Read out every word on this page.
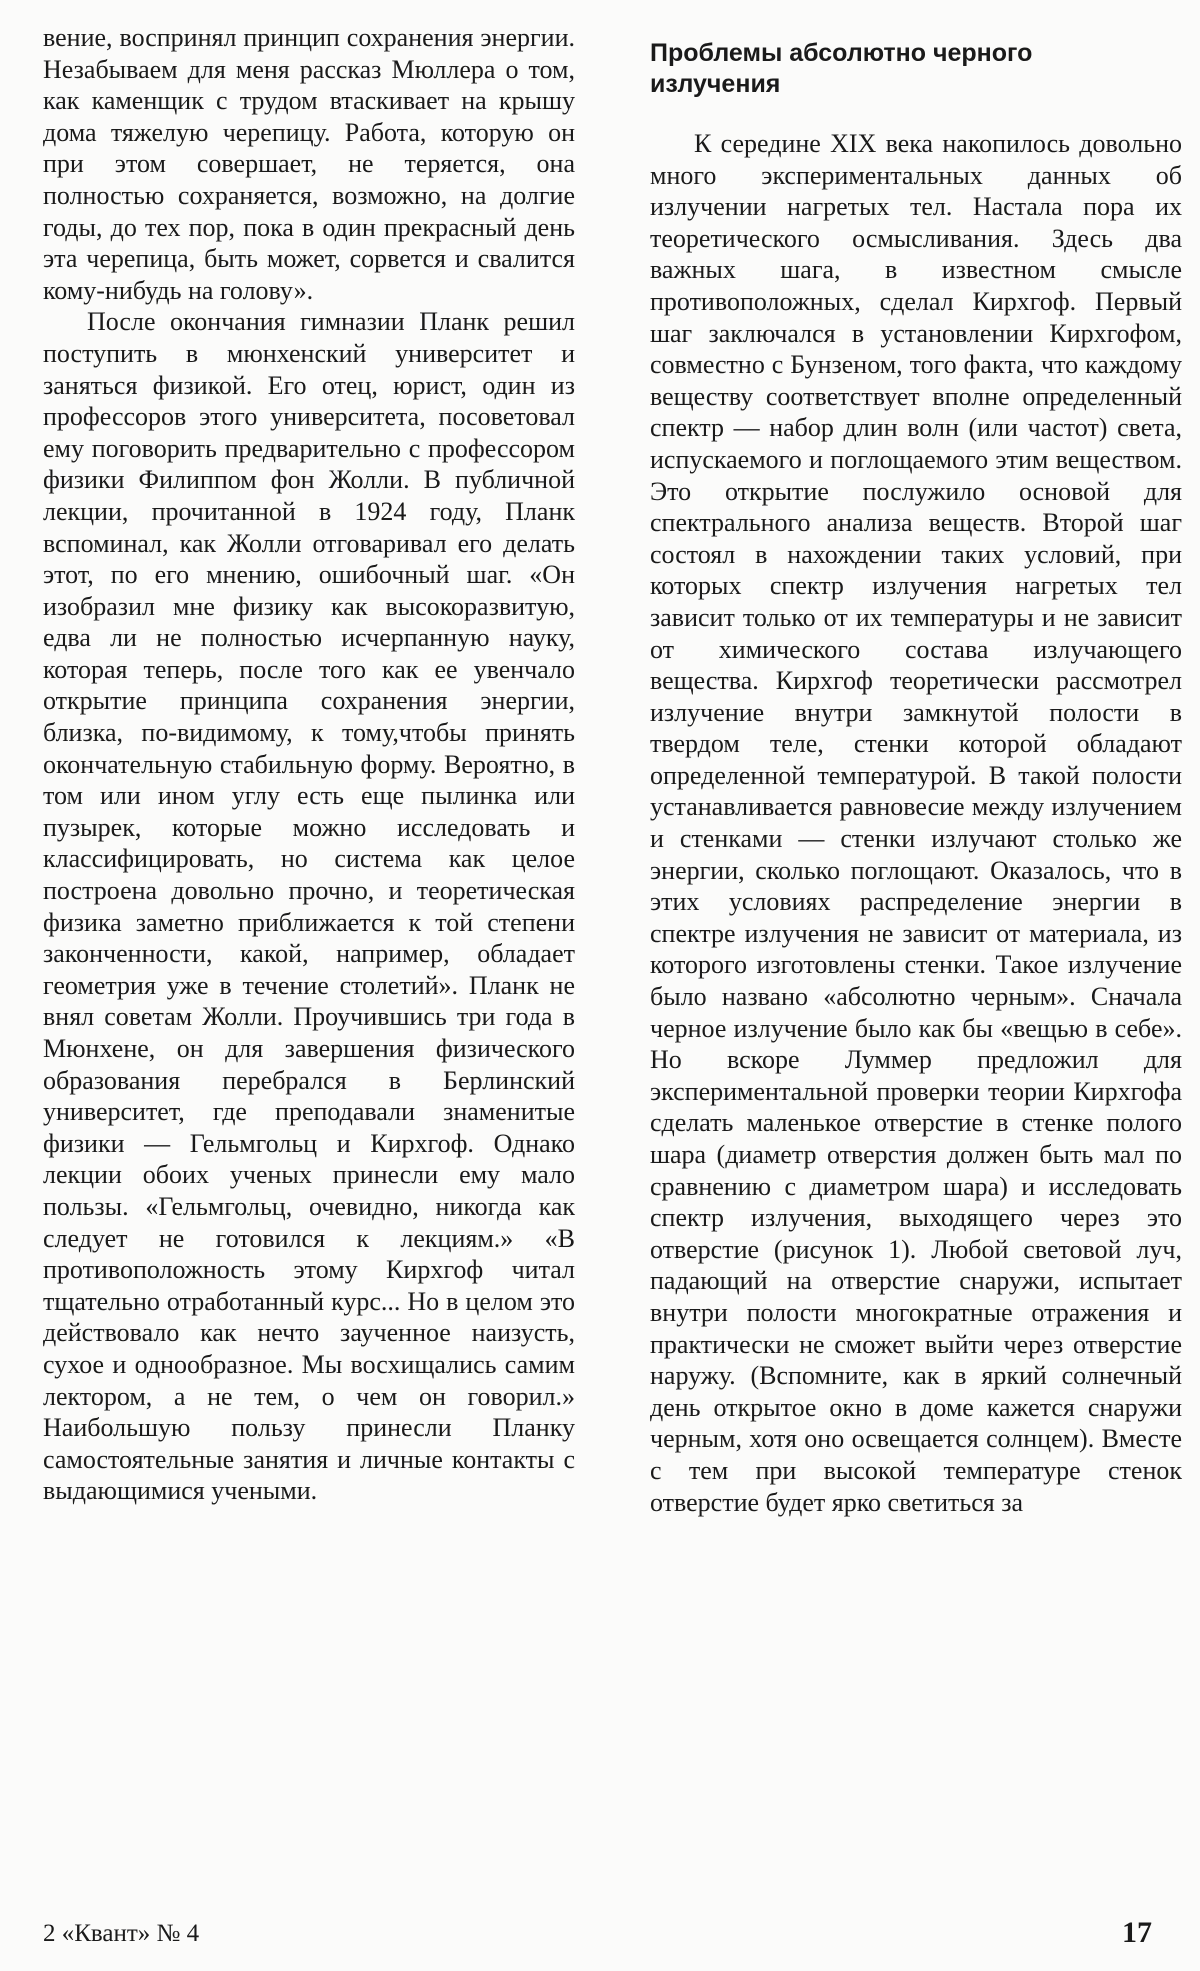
вение, воспринял принцип сохранения энергии. Незабываем для меня рассказ Мюллера о том, как каменщик с трудом втаскивает на крышу дома тяжелую черепицу. Работа, которую он при этом совершает, не теряется, она полностью сохраняется, возможно, на долгие годы, до тех пор, пока в один прекрасный день эта черепица, быть может, сорвется и свалится кому-нибудь на голову».

После окончания гимназии Планк решил поступить в мюнхенский университет и заняться физикой. Его отец, юрист, один из профессоров этого университета, посоветовал ему поговорить предварительно с профессором физики Филиппом фон Жолли. В публичной лекции, прочитанной в 1924 году, Планк вспоминал, как Жолли отговаривал его делать этот, по его мнению, ошибочный шаг. «Он изобразил мне физику как высокоразвитую, едва ли не полностью исчерпанную науку, которая теперь, после того как ее увенчало открытие принципа сохранения энергии, близка, по-видимому, к тому,чтобы принять окончательную стабильную форму. Вероятно, в том или ином углу есть еще пылинка или пузырек, которые можно исследовать и классифицировать, но система как целое построена довольно прочно, и теоретическая физика заметно приближается к той степени законченности, какой, например, обладает геометрия уже в течение столетий». Планк не внял советам Жолли. Проучившись три года в Мюнхене, он для завершения физического образования перебрался в Берлинский университет, где преподавали знаменитые физики — Гельмгольц и Кирхгоф. Однако лекции обоих ученых принесли ему мало пользы. «Гельмгольц, очевидно, никогда как следует не готовился к лекциям.» «В противоположность этому Кирхгоф читал тщательно отработанный курс... Но в целом это действовало как нечто заученное наизусть, сухое и однообразное. Мы восхищались самим лектором, а не тем, о чем он говорил.» Наибольшую пользу принесли Планку самостоятельные занятия и личные контакты с выдающимися учеными.

Проблемы абсолютно черного излучения

К середине XIX века накопилось довольно много экспериментальных данных об излучении нагретых тел. Настала пора их теоретического осмысливания. Здесь два важных шага, в известном смысле противоположных, сделал Кирхгоф. Первый шаг заключался в установлении Кирхгофом, совместно с Бунзеном, того факта, что каждому веществу соответствует вполне определенный спектр — набор длин волн (или частот) света, испускаемого и поглощаемого этим веществом. Это открытие послужило основой для спектрального анализа веществ. Второй шаг состоял в нахождении таких условий, при которых спектр излучения нагретых тел зависит только от их температуры и не зависит от химического состава излучающего вещества. Кирхгоф теоретически рассмотрел излучение внутри замкнутой полости в твердом теле, стенки которой обладают определенной температурой. В такой полости устанавливается равновесие между излучением и стенками — стенки излучают столько же энергии, сколько поглощают. Оказалось, что в этих условиях распределение энергии в спектре излучения не зависит от материала, из которого изготовлены стенки. Такое излучение было названо «абсолютно черным». Сначала черное излучение было как бы «вещью в себе». Но вскоре Луммер предложил для экспериментальной проверки теории Кирхгофа сделать маленькое отверстие в стенке полого шара (диаметр отверстия должен быть мал по сравнению с диаметром шара) и исследовать спектр излучения, выходящего через это отверстие (рисунок 1). Любой световой луч, падающий на отверстие снаружи, испытает внутри полости многократные отражения и практически не сможет выйти через отверстие наружу. (Вспомните, как в яркий солнечный день открытое окно в доме кажется снаружи черным, хотя оно освещается солнцем). Вместе с тем при высокой температуре стенок отверстие будет ярко светиться за

2 «Квант» № 4	17
